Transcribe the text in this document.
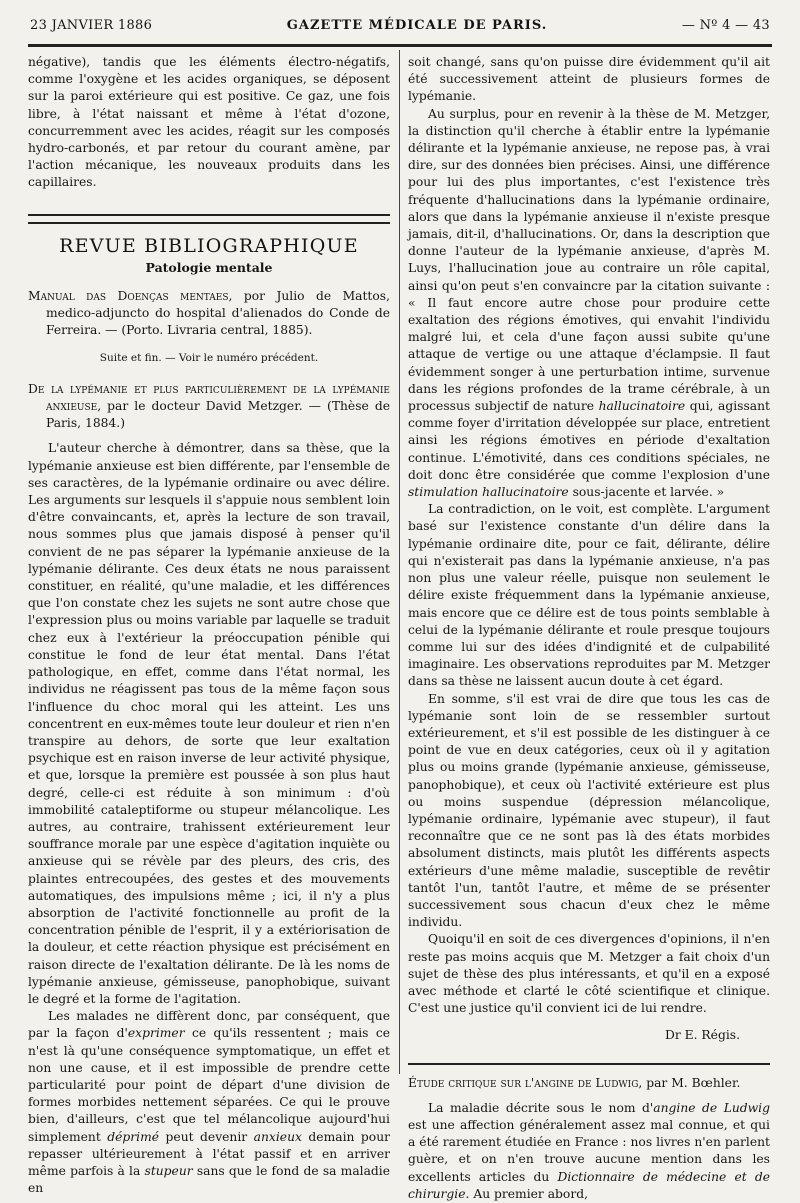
23 JANVIER 1886	GAZETTE MÉDICALE DE PARIS.	— Nº 4 — 43

négative), tandis que les éléments électro-négatifs, comme l'oxygène et les acides organiques, se déposent sur la paroi extérieure qui est positive. Ce gaz, une fois libre, à l'état naissant et même à l'état d'ozone, concurremment avec les acides, réagit sur les composés hydro-carbonés, et par retour du courant amène, par l'action mécanique, les nouveaux produits dans les capillaires.

REVUE BIBLIOGRAPHIQUE
Patologie mentale

Manual das Doenças mentaes, por Julio de Mattos, medico-adjuncto do hospital d'alienados do Conde de Ferreira. — (Porto. Livraria central, 1885).

Suite et fin. — Voir le numéro précédent.

De la lypémanie et plus particulièrement de la lypémanie anxieuse, par le docteur David Metzger. — (Thèse de Paris, 1884.)

L'auteur cherche à démontrer, dans sa thèse, que la lypémanie anxieuse est bien différente, par l'ensemble de ses caractères, de la lypémanie ordinaire ou avec délire. Les arguments sur lesquels il s'appuie nous semblent loin d'être convaincants, et, après la lecture de son travail, nous sommes plus que jamais disposé à penser qu'il convient de ne pas séparer la lypémanie anxieuse de la lypémanie délirante. Ces deux états ne nous paraissent constituer, en réalité, qu'une maladie, et les différences que l'on constate chez les sujets ne sont autre chose que l'expression plus ou moins variable par laquelle se traduit chez eux à l'extérieur la préoccupation pénible qui constitue le fond de leur état mental. Dans l'état pathologique, en effet, comme dans l'état normal, les individus ne réagissent pas tous de la même façon sous l'influence du choc moral qui les atteint. Les uns concentrent en eux-mêmes toute leur douleur et rien n'en transpire au dehors, de sorte que leur exaltation psychique est en raison inverse de leur activité physique, et que, lorsque la première est poussée à son plus haut degré, celle-ci est réduite à son minimum : d'où immobilité cataleptiforme ou stupeur mélancolique. Les autres, au contraire, trahissent extérieurement leur souffrance morale par une espèce d'agitation inquiète ou anxieuse qui se révèle par des pleurs, des cris, des plaintes entrecoupées, des gestes et des mouvements automatiques, des impulsions même ; ici, il n'y a plus absorption de l'activité fonctionnelle au profit de la concentration pénible de l'esprit, il y a extériorisation de la douleur, et cette réaction physique est précisément en raison directe de l'exaltation délirante. De là les noms de lypémanie anxieuse, gémisseuse, panophobique, suivant le degré et la forme de l'agitation.

Les malades ne diffèrent donc, par conséquent, que par la façon d'exprimer ce qu'ils ressentent ; mais ce n'est là qu'une conséquence symptomatique, un effet et non une cause, et il est impossible de prendre cette particularité pour point de départ d'une division de formes morbides nettement séparées. Ce qui le prouve bien, d'ailleurs, c'est que tel mélancolique aujourd'hui simplement déprimé peut devenir anxieux demain pour repasser ultérieurement à l'état passif et en arriver même parfois à la stupeur sans que le fond de sa maladie en

soit changé, sans qu'on puisse dire évidemment qu'il ait été successivement atteint de plusieurs formes de lypémanie.

Au surplus, pour en revenir à la thèse de M. Metzger, la distinction qu'il cherche à établir entre la lypémanie délirante et la lypémanie anxieuse, ne repose pas, à vrai dire, sur des données bien précises. Ainsi, une différence pour lui des plus importantes, c'est l'existence très fréquente d'hallucinations dans la lypémanie ordinaire, alors que dans la lypémanie anxieuse il n'existe presque jamais, dit-il, d'hallucinations. Or, dans la description que donne l'auteur de la lypémanie anxieuse, d'après M. Luys, l'hallucination joue au contraire un rôle capital, ainsi qu'on peut s'en convaincre par la citation suivante : « Il faut encore autre chose pour produire cette exaltation des régions émotives, qui envahit l'individu malgré lui, et cela d'une façon aussi subite qu'une attaque de vertige ou une attaque d'éclampsie. Il faut évidemment songer à une perturbation intime, survenue dans les régions profondes de la trame cérébrale, à un processus subjectif de nature hallucinatoire qui, agissant comme foyer d'irritation développée sur place, entretient ainsi les régions émotives en période d'exaltation continue. L'émotivité, dans ces conditions spéciales, ne doit donc être considérée que comme l'explosion d'une stimulation hallucinatoire sous-jacente et larvée. »

La contradiction, on le voit, est complète. L'argument basé sur l'existence constante d'un délire dans la lypémanie ordinaire dite, pour ce fait, délirante, délire qui n'existerait pas dans la lypémanie anxieuse, n'a pas non plus une valeur réelle, puisque non seulement le délire existe fréquemment dans la lypémanie anxieuse, mais encore que ce délire est de tous points semblable à celui de la lypémanie délirante et roule presque toujours comme lui sur des idées d'indignité et de culpabilité imaginaire. Les observations reproduites par M. Metzger dans sa thèse ne laissent aucun doute à cet égard.

En somme, s'il est vrai de dire que tous les cas de lypémanie sont loin de se ressembler surtout extérieurement, et s'il est possible de les distinguer à ce point de vue en deux catégories, ceux où il y agitation plus ou moins grande (lypémanie anxieuse, gémisseuse, panophobique), et ceux où l'activité extérieure est plus ou moins suspendue (dépression mélancolique, lypémanie ordinaire, lypémanie avec stupeur), il faut reconnaître que ce ne sont pas là des états morbides absolument distincts, mais plutôt les différents aspects extérieurs d'une même maladie, susceptible de revêtir tantôt l'un, tantôt l'autre, et même de se présenter successivement sous chacun d'eux chez le même individu.

Quoiqu'il en soit de ces divergences d'opinions, il n'en reste pas moins acquis que M. Metzger a fait choix d'un sujet de thèse des plus intéressants, et qu'il en a exposé avec méthode et clarté le côté scientifique et clinique. C'est une justice qu'il convient ici de lui rendre.

Dr E. Régis.

Étude critique sur l'angine de Ludwig, par M. Bœhler.

La maladie décrite sous le nom d'angine de Ludwig est une affection généralement assez mal connue, et qui a été rarement étudiée en France : nos livres n'en parlent guère, et on n'en trouve aucune mention dans les excellents articles du Dictionnaire de médecine et de chirurgie. Au premier abord,
